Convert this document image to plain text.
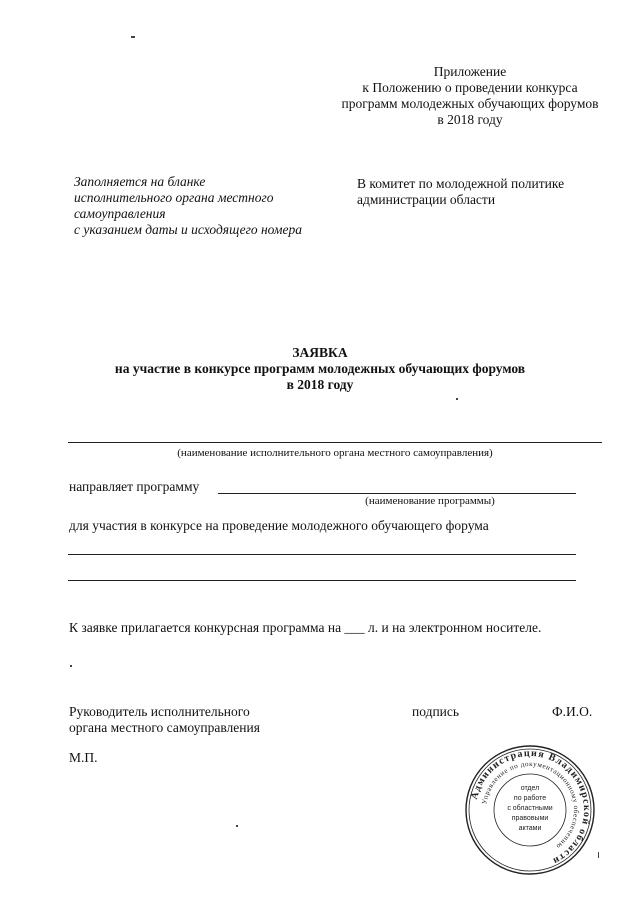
Приложение
к Положению о проведении конкурса
программ молодежных обучающих форумов
в 2018 году
Заполняется на бланке
исполнительного органа местного
самоуправления
с указанием даты и исходящего номера
В комитет по молодежной политике
администрации области
ЗАЯВКА
на участие в конкурсе программ молодежных обучающих форумов
в 2018 году
(наименование исполнительного органа местного самоуправления)
направляет программу
(наименование программы)
для участия в конкурсе на проведение молодежного обучающего форума
К заявке прилагается конкурсная программа на ___ л. и на электронном носителе.
Руководитель исполнительного
органа местного самоуправления
подпись	Ф.И.О.
М.П.
Администрация Владимирской области
Управление по документационному обеспечению
отдел
по работе
с областными
правовыми
актами
